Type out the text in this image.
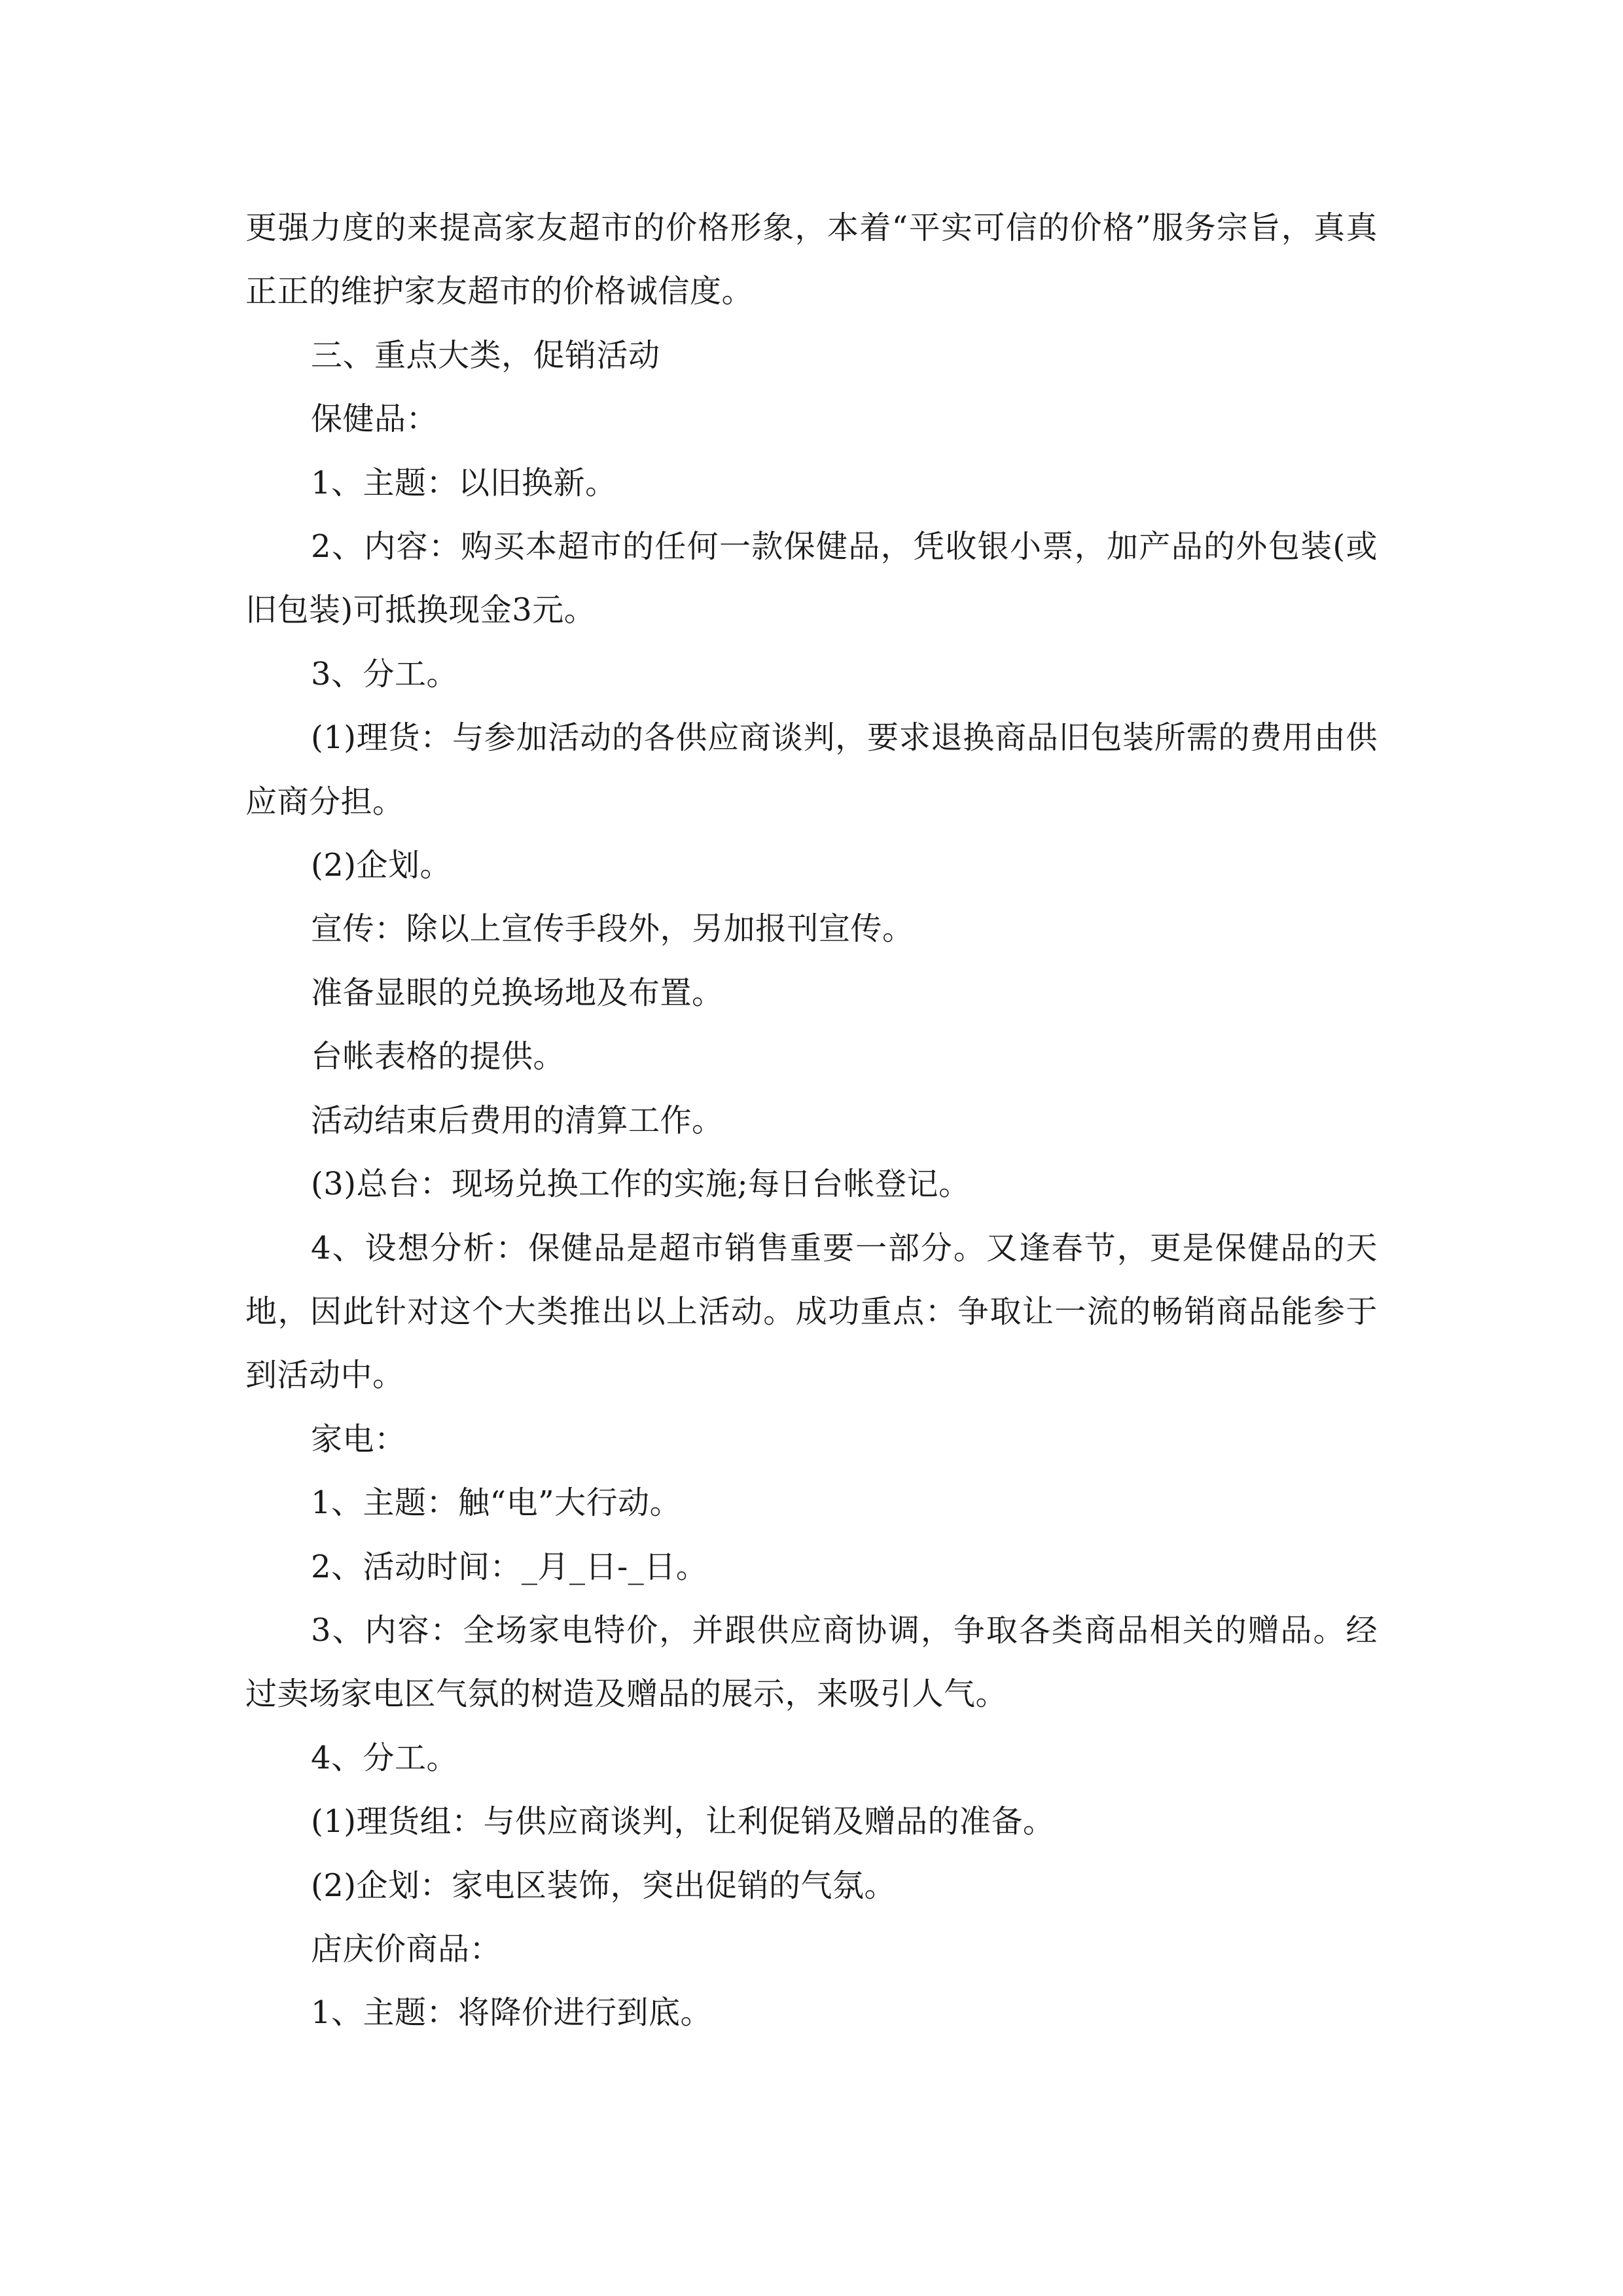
更强力度的来提高家友超市的价格形象，本着“平实可信的价格”服务宗旨，真真正正的维护家友超市的价格诚信度。

三、重点大类，促销活动

保健品：

1、主题：以旧换新。

2、内容：购买本超市的任何一款保健品，凭收银小票，加产品的外包装(或旧包装)可抵换现金3元。

3、分工。

(1)理货：与参加活动的各供应商谈判，要求退换商品旧包装所需的费用由供应商分担。

(2)企划。

宣传：除以上宣传手段外，另加报刊宣传。

准备显眼的兑换场地及布置。

台帐表格的提供。

活动结束后费用的清算工作。

(3)总台：现场兑换工作的实施;每日台帐登记。

4、设想分析：保健品是超市销售重要一部分。又逢春节，更是保健品的天地，因此针对这个大类推出以上活动。成功重点：争取让一流的畅销商品能参于到活动中。

家电：

1、主题：触“电”大行动。

2、活动时间：_月_日-_日。

3、内容：全场家电特价，并跟供应商协调，争取各类商品相关的赠品。经过卖场家电区气氛的树造及赠品的展示，来吸引人气。

4、分工。

(1)理货组：与供应商谈判，让利促销及赠品的准备。

(2)企划：家电区装饰，突出促销的气氛。

店庆价商品：

1、主题：将降价进行到底。
